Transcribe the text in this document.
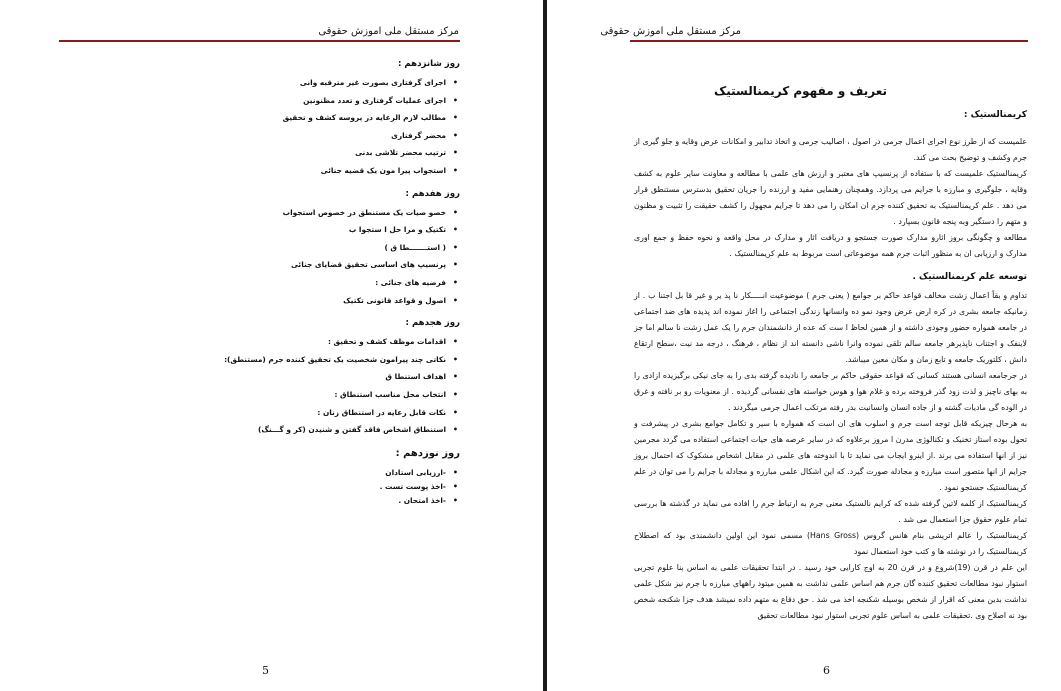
مرکز مستقل ملی اموزش حقوقی
روز شانزدهم :
• اجرای گرفتاری بصورت غیر مترقبه وانی
• اجرای عملیات گرفتاری و تعدد مظنونین
• مطالب لازم الرعایه در پروسه کشف و تحقیق
• محضر گرفتاری
• ترتیب محضر تلاشی بدنی
• استجواب پیرا مون یک قضیه جنائی
روز هفدهم :
• خصو صیات یک مستنطق در خصوص استجواب
• تکتیک و مرا حل ا ستجوا ب
• ( استـــــــطا ق )
• پرنسیپ های اساسی تحقیق قضایای جنائی
• فرضیه های جنائی :
• اصول و قواعد قانونی تکتیک
روز هجدهم :
• اقدامات موظف کشف و تحقیق :
• نکاتی چند پیرامون شخصیت یک تحقیق کننده جرم (مستنطق):
• اهداف استنطا ق
• انتخاب محل مناسب استنطاق :
• نکات قابل رعایه در استنطاق زنان :
• استنطاق اشخاص فاقد گفتن و شنیدن (کر و گـــنگ)
روز نوزدهم :
• -ارزیابی استادان
• -اخذ پوست تست .
• -اخذ امتحان .
5
مرکز مستقل ملی اموزش حقوقی
تعریف و مفهوم کریمنالستیک
کریمنالستیک :

علمیست که از طرز نوع اجرای اعمال جرمی در اصول ، اصالیب جرمی و اتخاذ تدابیر و امکانات عرض وقایه و جلو گیری از جرم وکشف و توضیح بحث می کند.

کریمنالستیک علمیست که با ستفاده از پرنسیپ های معتبر و ارزش های علمی با مطالعه و معاونت سایر علوم به کشف وقایه ، جلوگیری و مبارزه با جرایم می پردازد. وهمچنان رهنمایی مفید و ارزنده را جریان تحقیق بدسترس مستنطق قرار می دهد . علم کریمنالستیک به تحقیق کننده جرم ان امکان را می دهد تا جرایم مجهول را کشف حقیقت را تثبیت و مظنون و متهم را دستگیر وبه پنجه قانون بسپارد .

مطالعه و چگونگی بروز اثارو مدارک صورت جستجو و دریافت اثار و مدارک در محل واقعه و نحوه حفظ و جمع اوری مدارک و ارزیابی ان به منظور اثبات جرم همه موضوعاتی است مربوط به علم کریمنالستیک .

توسعه علم کریمنالستیک .

تداوم و بقاً اعمال زشت مخالف قواعد حاکم بر جوامع ( یعنی جرم ) موضوعیت انـــــکار نا پذ یر و غیر قا بل اجتنا ب . از زمانیکه جامعه بشری در کره ارض عرض وجود نمو ده وانسانها زندگی اجتماعی را اغاز نموده اند پدیده های ضد اجتماعی در جامعه همواره حضور وجودی داشته و از همین لحاظ ا ست که عده از دانشمندان جرم را یک عمل زشت نا سالم اما جز لاینفک و اجتناب ناپذیرهر جامعه سالم تلقی نموده وانرا ناشی دانسته اند از نظام ، فرهنگ ، درجه مد نیت ،سطح ارتقاع دانش ، کلتوریک جامعه و تابع زمان و مکان معین میباشد.

در جرجامعه انسانی هستند کسانی که قواعد حقوقی حاکم بر جامعه را نادیده گرفته بدی را به جای نیکی برگیزیده ازادی را به بهای ناچیز و لذت زود گذر فروخته برده و غلام هوا و هوس خواسته های نفسانی گردیده . از معنویات رو بر نافته و غرق در الوده گی مادیات گشته و از جاده انسان وانسانیت بدر رفته مرتکب اعمال جرمی میگردند .

به هرحال چیزیکه قابل توجه است جرم و اسلوب های ان است که همواره با سیر و تکامل جوامع بشری در پیشرفت و تحول بوده استاز تخنیک و تکنالوژی مدرن ا مروز برعلاوه که در سایر عرصه های حیات اجتماعی استفاده می گردد مجرمین نیز از انها استفاده می برند .از اینرو ایجاب می نماید تا با اندوخته های علمی در مقابل اشخاص مشکوک که احتمال بروز جرایم از انها متصور است مبارزه و مجادله صورت گیرد. که این اشکال علمی مبارزه و مجادله با جرایم را می توان در علم کریمنالستیک جستجو نمود .

کریمنالستیک از کلمه لاتین گرفته شده که کرایم نالستیک معنی جرم به ارتباط جرم را افاده می نماید در گذشته ها بررسی تمام علوم حقوق جزا استعمال می شد .

کریمنالستیک را عالم اتریشی بنام هانس گروس (Hans Gross) مسمی نمود این اولین دانشمندی بود که اصطلاح کریمنالستیک را در نوشته ها و کتب خود استعمال نمود

این علم در قرن (19)شروع و در قرن 20 به اوج کارایی خود رسید . در ابتدا تحقیقات علمی به اساس بنا علوم تجربی استوار نبود مطالعات تحقیق کننده گان جرم هم اساس علمی نداشت به همین میتود راههای مبارزه با جرم نیز شکل علمی نداشت بدین معنی که اقرار از شخص بوسیله شکنجه اخذ می شد . حق دفاع به متهم داده نمیشد هدف جزا شکنجه شخص بود نه اصلاح وی .تحقیقات علمی به اساس علوم تجربی استوار نبود مطالعات تحقیق

6
